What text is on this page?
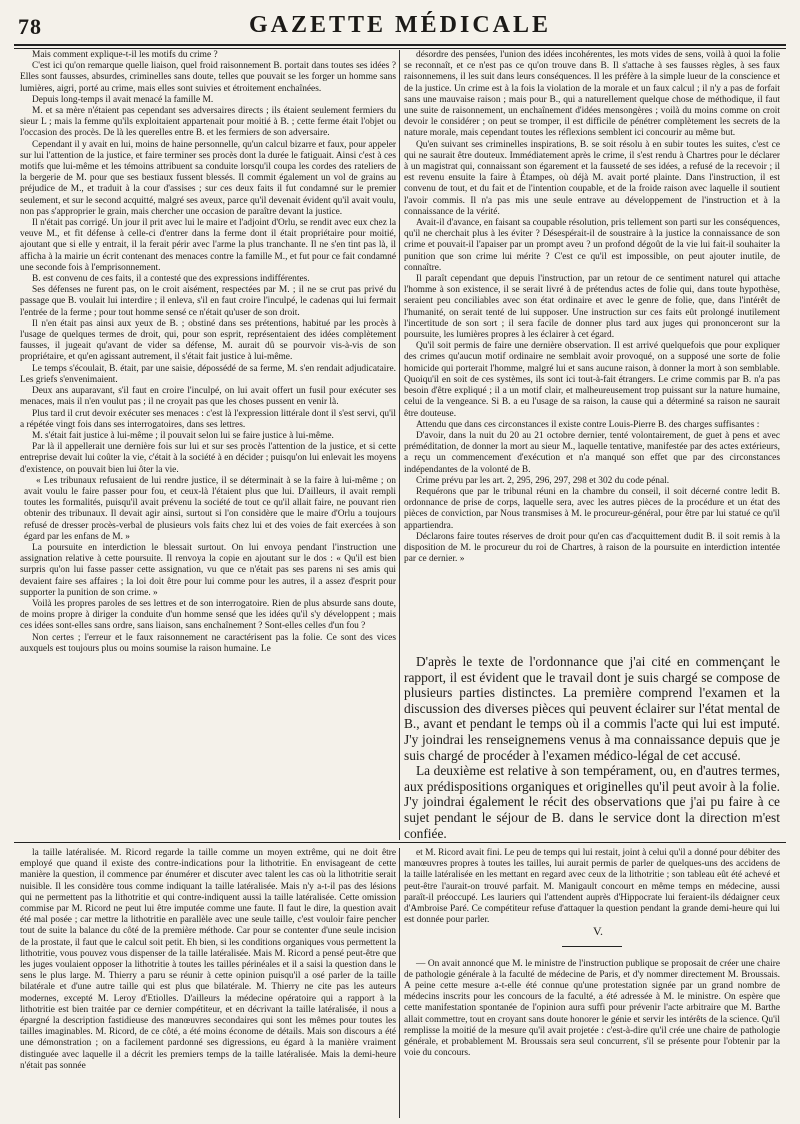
78	GAZETTE MÉDICALE

Mais comment explique-t-il les motifs du crime ?

C'est ici qu'on remarque quelle liaison, quel froid raisonnement B. portait dans toutes ses idées ? Elles sont fausses, absurdes, criminelles sans doute, telles que pouvait se les forger un homme sans lumières, aigri, porté au crime, mais elles sont suivies et étroitement enchaînées.

Depuis long-temps il avait menacé la famille M.

M. et sa mère n'étaient pas cependant ses adversaires directs ; ils étaient seulement fermiers du sieur L ; mais la femme qu'ils exploitaient appartenait pour moitié à B. ; cette ferme était l'objet ou l'occasion des procès. De là les querelles entre B. et les fermiers de son adversaire.

Cependant il y avait en lui, moins de haine personnelle, qu'un calcul bizarre et faux, pour appeler sur lui l'attention de la justice, et faire terminer ses procès dont la durée le fatiguait. Ainsi c'est à ces motifs que lui-même et les témoins attribuent sa conduite lorsqu'il coupa les cordes des rateliers de la bergerie de M. pour que ses bestiaux fussent blessés. Il commit également un vol de grains au préjudice de M., et traduit à la cour d'assises ; sur ces deux faits il fut condamné sur le premier seulement, et sur le second acquitté, malgré ses aveux, parce qu'il devenait évident qu'il avait voulu, non pas s'approprier le grain, mais chercher une occasion de paraître devant la justice.

Il n'était pas corrigé. Un jour il prit avec lui le maire et l'adjoint d'Orlu, se rendit avec eux chez la veuve M., et fit défense à celle-ci d'entrer dans la ferme dont il était propriétaire pour moitié, ajoutant que si elle y entrait, il la ferait périr avec l'arme la plus tranchante. Il ne s'en tint pas là, il afficha à la mairie un écrit contenant des menaces contre la famille M., et fut pour ce fait condamné une seconde fois à l'emprisonnement.

B. est convenu de ces faits, il a contesté que des expressions indifférentes.

Ses défenses ne furent pas, on le croit aisément, respectées par M. ; il ne se crut pas privé du passage que B. voulait lui interdire ; il enleva, s'il en faut croire l'inculpé, le cadenas qui lui fermait l'entrée de la ferme ; pour tout homme sensé ce n'était qu'user de son droit.

Il n'en était pas ainsi aux yeux de B. ; obstiné dans ses prétentions, habitué par les procès à l'usage de quelques termes de droit, qui, pour son esprit, représentaient des idées complètement fausses, il jugeait qu'avant de vider sa défense, M. aurait dû se pourvoir vis-à-vis de son propriétaire, et qu'en agissant autrement, il s'était fait justice à lui-même.

Le temps s'écoulait, B. était, par une saisie, dépossédé de sa ferme, M. s'en rendait adjudicataire. Les griefs s'envenimaient.

Deux ans auparavant, s'il faut en croire l'inculpé, on lui avait offert un fusil pour exécuter ses menaces, mais il n'en voulut pas ; il ne croyait pas que les choses pussent en venir là.

Plus tard il crut devoir exécuter ses menaces : c'est là l'expression littérale dont il s'est servi, qu'il a répétée vingt fois dans ses interrogatoires, dans ses lettres.

M. s'était fait justice à lui-même ; il pouvait selon lui se faire justice à lui-même.

Par là il appellerait une dernière fois sur lui et sur ses procès l'attention de la justice, et si cette entreprise devait lui coûter la vie, c'était à la société à en décider ; puisqu'on lui enlevait les moyens d'existence, on pouvait bien lui ôter la vie.

« Les tribunaux refusaient de lui rendre justice, il se déterminait à se la faire à lui-même ; on avait voulu le faire passer pour fou, et ceux-là l'étaient plus que lui. D'ailleurs, il avait rempli toutes les formalités, puisqu'il avait prévenu la société de tout ce qu'il allait faire, ne pouvant rien obtenir des tribunaux. Il devait agir ainsi, surtout si l'on considère que le maire d'Orlu a toujours refusé de dresser procès-verbal de plusieurs vols faits chez lui et des voies de fait exercées à son égard par les enfans de M. »

La poursuite en interdiction le blessait surtout. On lui envoya pendant l'instruction une assignation relative à cette poursuite. Il renvoya la copie en ajoutant sur le dos : « Qu'il est bien surpris qu'on lui fasse passer cette assignation, vu que ce n'était pas ses parens ni ses amis qui devaient faire ses affaires ; la loi doit être pour lui comme pour les autres, il a assez d'esprit pour supporter la punition de son crime. »

Voilà les propres paroles de ses lettres et de son interrogatoire. Rien de plus absurde sans doute, de moins propre à diriger la conduite d'un homme sensé que les idées qu'il s'y développent ; mais ces idées sont-elles sans ordre, sans liaison, sans enchaînement ? Sont-elles celles d'un fou ?

Non certes ; l'erreur et le faux raisonnement ne caractérisent pas la folie. Ce sont des vices auxquels est toujours plus ou moins soumise la raison humaine. Le

désordre des pensées, l'union des idées incohérentes, les mots vides de sens, voilà à quoi la folie se reconnaît, et ce n'est pas ce qu'on trouve dans B. Il s'attache à ses fausses règles, à ses faux raisonnemens, il les suit dans leurs conséquences. Il les préfère à la simple lueur de la conscience et de la justice. Un crime est à la fois la violation de la morale et un faux calcul ; il n'y a pas de forfait sans une mauvaise raison ; mais pour B., qui a naturellement quelque chose de méthodique, il faut une suite de raisonnement, un enchaînement d'idées mensongères ; voilà du moins comme on croit devoir le considérer ; on peut se tromper, il est difficile de pénétrer complètement les secrets de la nature morale, mais cependant toutes les réflexions semblent ici concourir au même but.

Qu'en suivant ses criminelles inspirations, B. se soit résolu à en subir toutes les suites, c'est ce qui ne saurait être douteux. Immédiatement après le crime, il s'est rendu à Chartres pour le déclarer à un magistrat qui, connaissant son égarement et la fausseté de ses idées, a refusé de la recevoir ; il est revenu ensuite la faire à Étampes, où déjà M. avait porté plainte. Dans l'instruction, il est convenu de tout, et du fait et de l'intention coupable, et de la froide raison avec laquelle il soutient l'avoir commis. Il n'a pas mis une seule entrave au développement de l'instruction et à la connaissance de la vérité.

Avait-il d'avance, en faisant sa coupable résolution, pris tellement son parti sur les conséquences, qu'il ne cherchait plus à les éviter ? Désespérait-il de soustraire à la justice la connaissance de son crime et pouvait-il l'apaiser par un prompt aveu ? un profond dégoût de la vie lui fait-il souhaiter la punition que son crime lui mérite ? C'est ce qu'il est impossible, on peut ajouter inutile, de connaître.

Il paraît cependant que depuis l'instruction, par un retour de ce sentiment naturel qui attache l'homme à son existence, il se serait livré à de prétendus actes de folie qui, dans toute hypothèse, seraient peu conciliables avec son état ordinaire et avec le genre de folie, que, dans l'intérêt de l'humanité, on serait tenté de lui supposer. Une instruction sur ces faits eût prolongé inutilement l'incertitude de son sort ; il sera facile de donner plus tard aux juges qui prononceront sur la poursuite, les lumières propres à les éclairer à cet égard.

Qu'il soit permis de faire une dernière observation. Il est arrivé quelquefois que pour expliquer des crimes qu'aucun motif ordinaire ne semblait avoir provoqué, on a supposé une sorte de folie homicide qui porterait l'homme, malgré lui et sans aucune raison, à donner la mort à son semblable. Quoiqu'il en soit de ces systèmes, ils sont ici tout-à-fait étrangers. Le crime commis par B. n'a pas besoin d'être expliqué ; il a un motif clair, et malheureusement trop puissant sur la nature humaine, celui de la vengeance. Si B. a eu l'usage de sa raison, la cause qui a déterminé sa raison ne saurait être douteuse.

Attendu que dans ces circonstances il existe contre Louis-Pierre B. des charges suffisantes :

D'avoir, dans la nuit du 20 au 21 octobre dernier, tenté volontairement, de guet à pens et avec préméditation, de donner la mort au sieur M., laquelle tentative, manifestée par des actes extérieurs, a reçu un commencement d'exécution et n'a manqué son effet que par des circonstances indépendantes de la volonté de B.

Crime prévu par les art. 2, 295, 296, 297, 298 et 302 du code pénal.

Requérons que par le tribunal réuni en la chambre du conseil, il soit décerné contre ledit B. ordonnance de prise de corps, laquelle sera, avec les autres pièces de la procédure et un état des pièces de conviction, par Nous transmises à M. le procureur-général, pour être par lui statué ce qu'il appartiendra.

Déclarons faire toutes réserves de droit pour qu'en cas d'acquittement dudit B. il soit remis à la disposition de M. le procureur du roi de Chartres, à raison de la poursuite en interdiction intentée par ce dernier. »

D'après le texte de l'ordonnance que j'ai cité en commençant le rapport, il est évident que le travail dont je suis chargé se compose de plusieurs parties distinctes. La première comprend l'examen et la discussion des diverses pièces qui peuvent éclairer sur l'état mental de B., avant et pendant le temps où il a commis l'acte qui lui est imputé. J'y joindrai les renseignemens venus à ma connaissance depuis que je suis chargé de procéder à l'examen médico-légal de cet accusé.

La deuxième est relative à son tempérament, ou, en d'autres termes, aux prédispositions organiques et originelles qu'il peut avoir à la folie. J'y joindrai également le récit des observations que j'ai pu faire à ce sujet pendant le séjour de B. dans le service dont la direction m'est confiée.

la taille latéralisée. M. Ricord regarde la taille comme un moyen extrême, qui ne doit être employé que quand il existe des contre-indications pour la lithotritie. En envisageant de cette manière la question, il commence par énumérer et discuter avec talent les cas où la lithotritie serait nuisible. Il les considère tous comme indiquant la taille latéralisée. Mais n'y a-t-il pas des lésions qui ne permettent pas la lithotritie et qui contre-indiquent aussi la taille latéralisée. Cette omission commise par M. Ricord ne peut lui être imputée comme une faute. Il faut le dire, la question avait été mal posée ; car mettre la lithotritie en parallèle avec une seule taille, c'est vouloir faire pencher tout de suite la balance du côté de la première méthode. Car pour se contenter d'une seule incision de la prostate, il faut que le calcul soit petit. Eh bien, si les conditions organiques vous permettent la lithotritie, vous pouvez vous dispenser de la taille latéralisée. Mais M. Ricord a pensé peut-être que les juges voulaient opposer la lithotritie à toutes les tailles périnéales et il a saisi la question dans le sens le plus large. M. Thierry a paru se réunir à cette opinion puisqu'il a osé parler de la taille bilatérale et d'une autre taille qui est plus que bilatérale. M. Thierry ne cite pas les auteurs modernes, excepté M. Leroy d'Etiolles. D'ailleurs la médecine opératoire qui a rapport à la lithotritie est bien traitée par ce dernier compétiteur, et en décrivant la taille latéralisée, il nous a épargné la description fastidieuse des manœuvres secondaires qui sont les mêmes pour toutes les tailles imaginables. M. Ricord, de ce côté, a été moins économe de détails. Mais son discours a été une démonstration ; on a facilement pardonné ses digressions, eu égard à la manière vraiment distinguée avec laquelle il a décrit les premiers temps de la taille latéralisée. Mais la demi-heure n'était pas sonnée

et M. Ricord avait fini. Le peu de temps qui lui restait, joint à celui qu'il a donné pour débiter des manœuvres propres à toutes les tailles, lui aurait permis de parler de quelques-uns des accidens de la taille latéralisée en les mettant en regard avec ceux de la lithotritie ; son tableau eût été achevé et peut-être l'aurait-on trouvé parfait. M. Manigault concourt en même temps en médecine, aussi paraît-il préoccupé. Les lauriers qui l'attendent auprès d'Hippocrate lui feraient-ils dédaigner ceux d'Ambroise Paré. Ce compétiteur refuse d'attaquer la question pendant la grande demi-heure qui lui est donnée pour parler.

V.

— On avait annoncé que M. le ministre de l'instruction publique se proposait de créer une chaire de pathologie générale à la faculté de médecine de Paris, et d'y nommer directement M. Broussais. A peine cette mesure a-t-elle été connue qu'une protestation signée par un grand nombre de médecins inscrits pour les concours de la faculté, a été adressée à M. le ministre. On espère que cette manifestation spontanée de l'opinion aura suffi pour prévenir l'acte arbitraire que M. Barthe allait commettre, tout en croyant sans doute honorer le génie et servir les intérêts de la science. Qu'il remplisse la moitié de la mesure qu'il avait projetée : c'est-à-dire qu'il crée une chaire de pathologie générale, et probablement M. Broussais sera seul concurrent, s'il se présente pour l'obtenir par la voie du concours.
